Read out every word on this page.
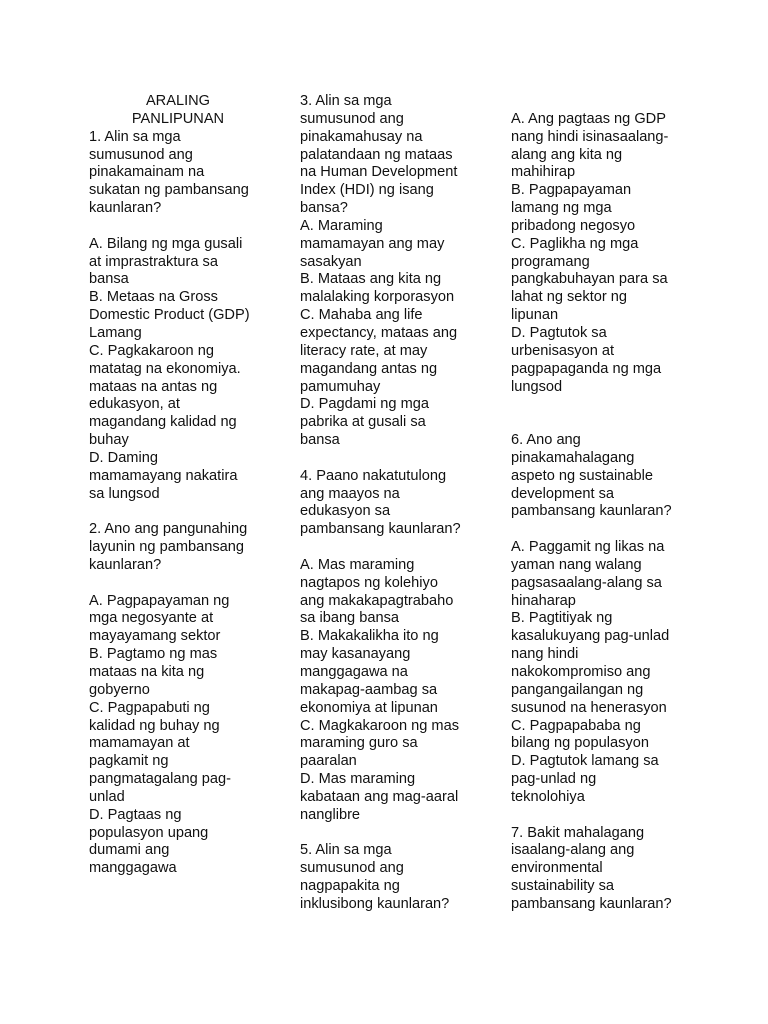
ARALING
PANLIPUNAN
1. Alin sa mga
sumusunod ang
pinakamainam na
sukatan ng pambansang
kaunlaran?

A. Bilang ng mga gusali
at imprastraktura sa
bansa
B. Metaas na Gross
Domestic Product (GDP)
Lamang
C. Pagkakaroon ng
matatag na ekonomiya.
mataas na antas ng
edukasyon, at
magandang kalidad ng
buhay
D. Daming
mamamayang nakatira
sa lungsod

2. Ano ang pangunahing
layunin ng pambansang
kaunlaran?

A. Pagpapayaman ng
mga negosyante at
mayayamang sektor
B. Pagtamo ng mas
mataas na kita ng
gobyerno
C. Pagpapabuti ng
kalidad ng buhay ng
mamamayan at
pagkamit ng
pangmatagalang pag-
unlad
D. Pagtaas ng
populasyon upang
dumami ang
manggagawa
3. Alin sa mga
sumusunod ang
pinakamahusay na
palatandaan ng mataas
na Human Development
Index (HDI) ng isang
bansa?
A. Maraming
mamamayan ang may
sasakyan
B. Mataas ang kita ng
malalaking korporasyon
C. Mahaba ang life
expectancy, mataas ang
literacy rate, at may
magandang antas ng
pamumuhay
D. Pagdami ng mga
pabrika at gusali sa
bansa

4. Paano nakatutulong
ang maayos na
edukasyon sa
pambansang kaunlaran?

A. Mas maraming
nagtapos ng kolehiyo
ang makakapagtrabaho
sa ibang bansa
B. Makakalikha ito ng
may kasanayang
manggagawa na
makapag-aambag sa
ekonomiya at lipunan
C. Magkakaroon ng mas
maraming guro sa
paaralan
D. Mas maraming
kabataan ang mag-aaral
nanglibre

5. Alin sa mga
sumusunod ang
nagpapakita ng
inklusibong kaunlaran?

A. Ang pagtaas ng GDP
nang hindi isinasaalang-
alang ang kita ng
mahihirap
B. Pagpapayaman
lamang ng mga
pribadong negosyo
C. Paglikha ng mga
programang
pangkabuhayan para sa
lahat ng sektor ng
lipunan
D. Pagtutok sa
urbenisasyon at
pagpapaganda ng mga
lungsod

6. Ano ang
pinakamahalagang
aspeto ng sustainable
development sa
pambansang kaunlaran?

A. Paggamit ng likas na
yaman nang walang
pagsasaalang-alang sa
hinaharap
B. Pagtitiyak ng
kasalukuyang pag-unlad
nang hindi
nakokompromiso ang
pangangailangan ng
susunod na henerasyon
C. Pagpapababa ng
bilang ng populasyon
D. Pagtutok lamang sa
pag-unlad ng
teknolohiya

7. Bakit mahalagang
isaalang-alang ang
environmental
sustainability sa
pambansang kaunlaran?
